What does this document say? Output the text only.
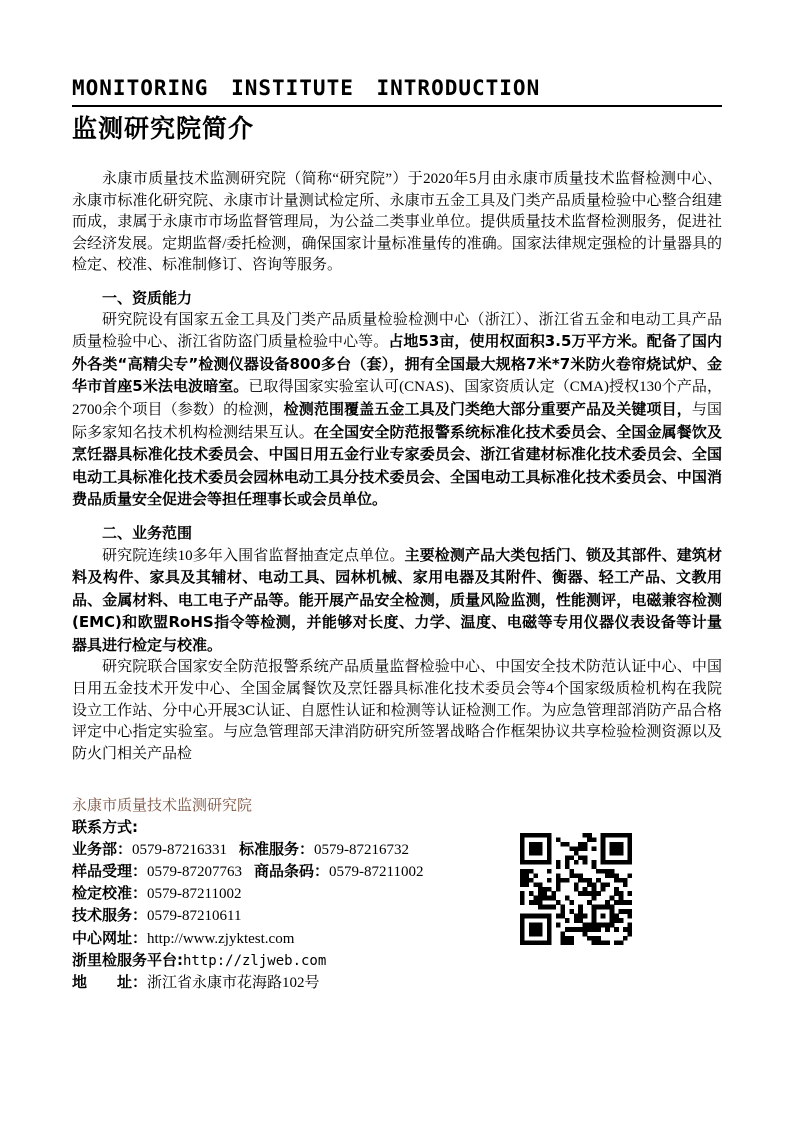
MONITORING INSTITUTE INTRODUCTION
监测研究院简介

永康市质量技术监测研究院（简称“研究院”）于2020年5月由永康市质量技术监督检测中心、永康市标准化研究院、永康市计量测试检定所、永康市五金工具及门类产品质量检验中心整合组建而成，隶属于永康市市场监督管理局，为公益二类事业单位。提供质量技术监督检测服务，促进社会经济发展。定期监督/委托检测，确保国家计量标准量传的准确。国家法律规定强检的计量器具的检定、校准、标准制修订、咨询等服务。

一、资质能力

研究院设有国家五金工具及门类产品质量检验检测中心（浙江）、浙江省五金和电动工具产品质量检验中心、浙江省防盗门质量检验中心等。占地53亩，使用权面积3.5万平方米。配备了国内外各类“高精尖专”检测仪器设备800多台（套），拥有全国最大规格7米*7米防火卷帘烧试炉、金华市首座5米法电波暗室。已取得国家实验室认可(CNAS)、国家资质认定（CMA)授权130个产品，2700余个项目（参数）的检测，检测范围覆盖五金工具及门类绝大部分重要产品及关键项目，与国际多家知名技术机构检测结果互认。在全国安全防范报警系统标准化技术委员会、全国金属餐饮及烹饪器具标准化技术委员会、中国日用五金行业专家委员会、浙江省建材标准化技术委员会、全国电动工具标准化技术委员会园林电动工具分技术委员会、全国电动工具标准化技术委员会、中国消费品质量安全促进会等担任理事长或会员单位。

二、业务范围

研究院连续10多年入围省监督抽查定点单位。主要检测产品大类包括门、锁及其部件、建筑材料及构件、家具及其辅材、电动工具、园林机械、家用电器及其附件、衡器、轻工产品、文教用品、金属材料、电工电子产品等。能开展产品安全检测，质量风险监测，性能测评，电磁兼容检测(EMC)和欧盟RoHS指令等检测，并能够对长度、力学、温度、电磁等专用仪器仪表设备等计量器具进行检定与校准。

研究院联合国家安全防范报警系统产品质量监督检验中心、中国安全技术防范认证中心、中国日用五金技术开发中心、全国金属餐饮及烹饪器具标准化技术委员会等4个国家级质检机构在我院设立工作站、分中心开展3C认证、自愿性认证和检测等认证检测工作。为应急管理部消防产品合格评定中心指定实验室。与应急管理部天津消防研究所签署战略合作框架协议共享检验检测资源以及防火门相关产品检

永康市质量技术监测研究院
联系方式:
业务部：0579-87216331 标准服务：0579-87216732
样品受理：0579-87207763 商品条码：0579-87211002
检定校准：0579-87211002
技术服务：0579-87210611
中心网址：http://www.zjyktest.com
浙里检服务平台:http://zljweb.com
地　　址：浙江省永康市花海路102号
